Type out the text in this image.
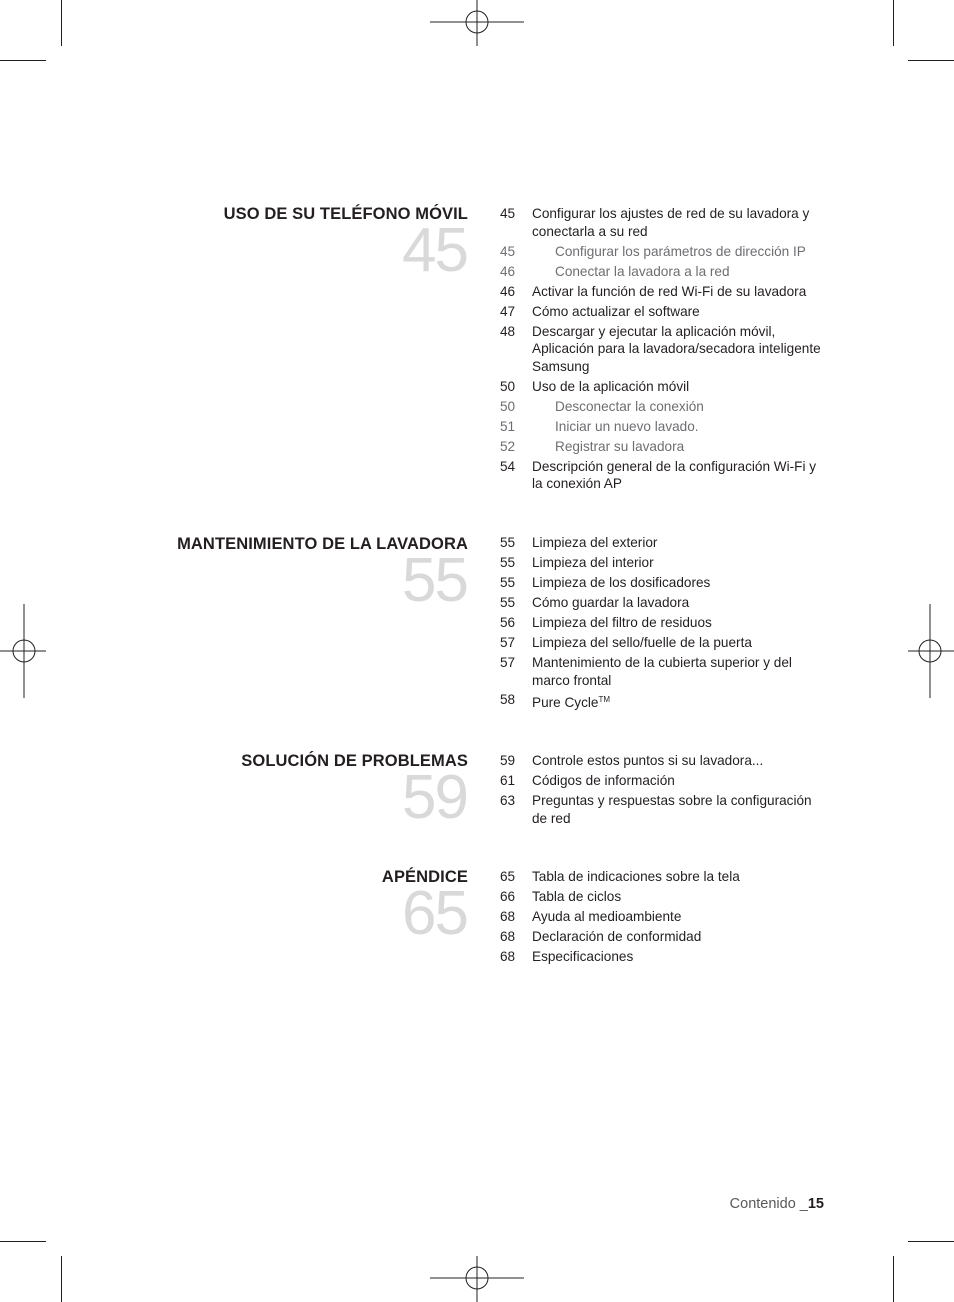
USO DE SU TELÉFONO MÓVIL
45
45	Configurar los ajustes de red de su lavadora y conectarla a su red
45	Configurar los parámetros de dirección IP
46	Conectar la lavadora a la red
46	Activar la función de red Wi-Fi de su lavadora
47	Cómo actualizar el software
48	Descargar y ejecutar la aplicación móvil, Aplicación para la lavadora/secadora inteligente Samsung
50	Uso de la aplicación móvil
50	Desconectar la conexión
51	Iniciar un nuevo lavado.
52	Registrar su lavadora
54	Descripción general de la configuración Wi-Fi y la conexión AP
MANTENIMIENTO DE LA LAVADORA
55
55	Limpieza del exterior
55	Limpieza del interior
55	Limpieza de los dosificadores
55	Cómo guardar la lavadora
56	Limpieza del filtro de residuos
57	Limpieza del sello/fuelle de la puerta
57	Mantenimiento de la cubierta superior y del marco frontal
58	Pure Cycle™
SOLUCIÓN DE PROBLEMAS
59
59	Controle estos puntos si su lavadora...
61	Códigos de información
63	Preguntas y respuestas sobre la configuración de red
APÉNDICE
65
65	Tabla de indicaciones sobre la tela
66	Tabla de ciclos
68	Ayuda al medioambiente
68	Declaración de conformidad
68	Especificaciones
Contenido _15
